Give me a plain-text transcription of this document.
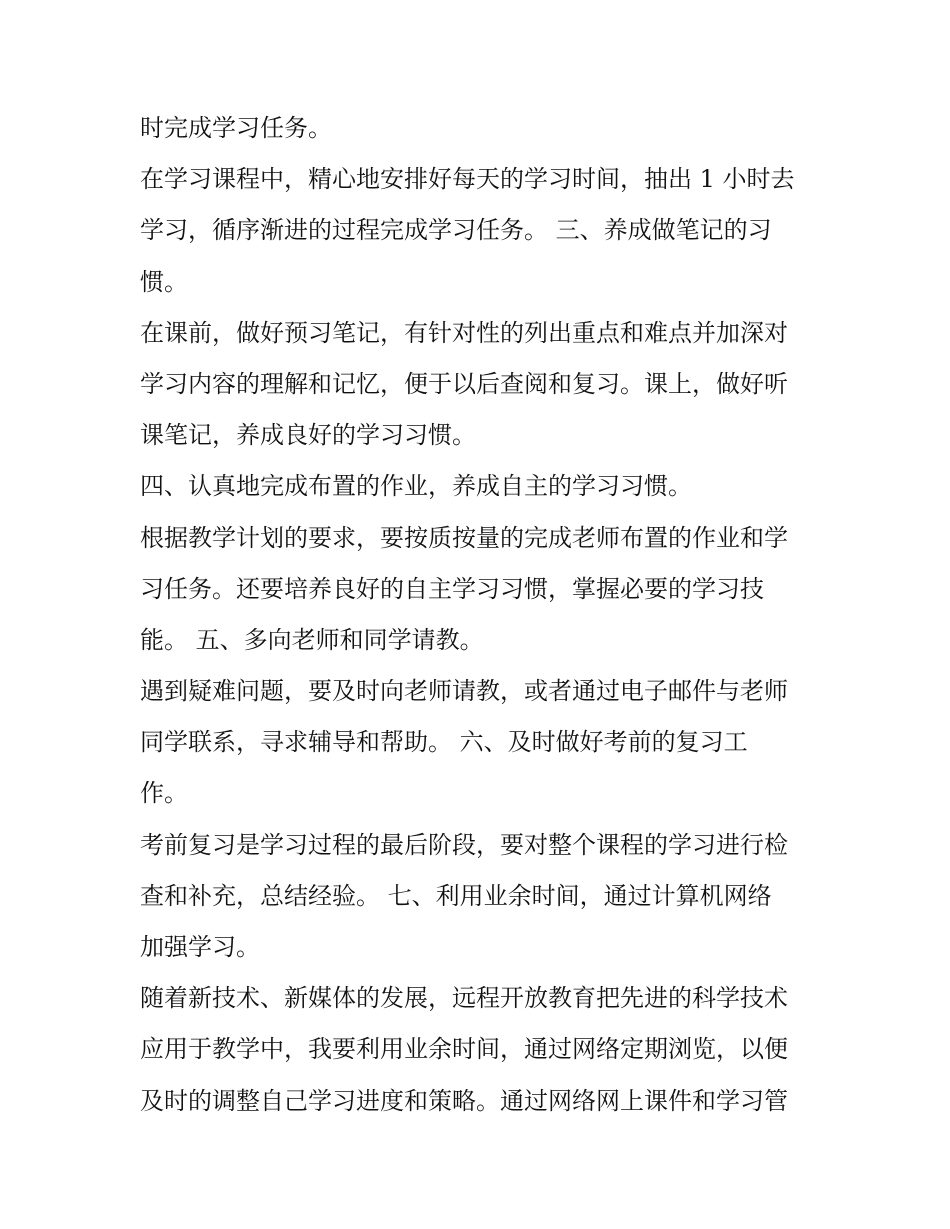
时完成学习任务。
在学习课程中，精心地安排好每天的学习时间，抽出 1 小时去
学习，循序渐进的过程完成学习任务。 三、养成做笔记的习
惯。
在课前，做好预习笔记，有针对性的列出重点和难点并加深对
学习内容的理解和记忆，便于以后查阅和复习。课上，做好听
课笔记，养成良好的学习习惯。
四、认真地完成布置的作业，养成自主的学习习惯。
根据教学计划的要求，要按质按量的完成老师布置的作业和学
习任务。还要培养良好的自主学习习惯，掌握必要的学习技
能。 五、多向老师和同学请教。
遇到疑难问题，要及时向老师请教，或者通过电子邮件与老师
同学联系，寻求辅导和帮助。 六、及时做好考前的复习工
作。
考前复习是学习过程的最后阶段，要对整个课程的学习进行检
查和补充，总结经验。 七、利用业余时间，通过计算机网络
加强学习。
随着新技术、新媒体的发展，远程开放教育把先进的科学技术
应用于教学中，我要利用业余时间，通过网络定期浏览，以便
及时的调整自己学习进度和策略。通过网络网上课件和学习管
